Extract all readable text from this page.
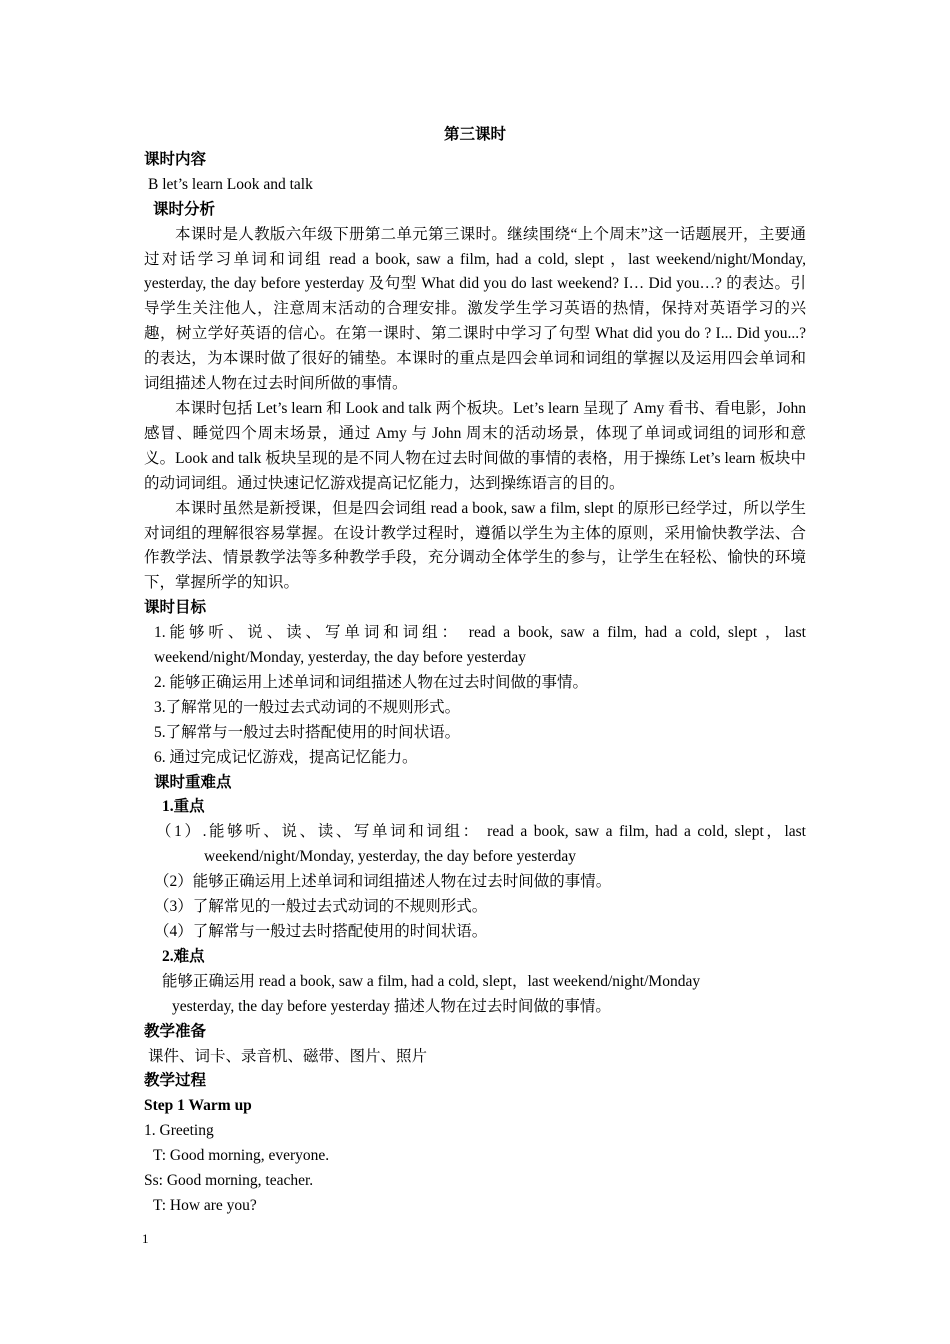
第三课时

课时内容

B let’s learn Look and talk

课时分析

本课时是人教版六年级下册第二单元第三课时。继续围绕“上个周末”这一话题展开，主要通过对话学习单词和词组 read a book, saw a film, had a cold, slept ，last weekend/night/Monday, yesterday, the day before yesterday 及句型 What did you do last weekend? I… Did you…? 的表达。引导学生关注他人，注意周末活动的合理安排。激发学生学习英语的热情，保持对英语学习的兴趣，树立学好英语的信心。在第一课时、第二课时中学习了句型 What did you do ? I... Did you...? 的表达，为本课时做了很好的铺垫。本课时的重点是四会单词和词组的掌握以及运用四会单词和词组描述人物在过去时间所做的事情。

本课时包括 Let’s learn 和 Look and talk 两个板块。Let’s learn 呈现了 Amy 看书、看电影，John 感冒、睡觉四个周末场景，通过 Amy 与 John 周末的活动场景，体现了单词或词组的词形和意义。Look and talk 板块呈现的是不同人物在过去时间做的事情的表格，用于操练 Let’s learn 板块中的动词词组。通过快速记忆游戏提高记忆能力，达到操练语言的目的。

本课时虽然是新授课，但是四会词组 read a book, saw a film, slept 的原形已经学过，所以学生对词组的理解很容易掌握。在设计教学过程时，遵循以学生为主体的原则，采用愉快教学法、合作教学法、情景教学法等多种教学手段，充分调动全体学生的参与，让学生在轻松、愉快的环境下，掌握所学的知识。

课时目标

1.能够听、说、读、写单词和词组： read a book, saw a film, had a cold, slept ，last
weekend/night/Monday, yesterday, the day before yesterday

2. 能够正确运用上述单词和词组描述人物在过去时间做的事情。

3.了解常见的一般过去式动词的不规则形式。

5.了解常与一般过去时搭配使用的时间状语。

6. 通过完成记忆游戏，提高记忆能力。

课时重难点

1.重点

（1）.能够听、说、读、写单词和词组： read a book, saw a film, had a cold, slept，last
weekend/night/Monday, yesterday, the day before yesterday

（2）能够正确运用上述单词和词组描述人物在过去时间做的事情。

（3）了解常见的一般过去式动词的不规则形式。

（4）了解常与一般过去时搭配使用的时间状语。

2.难点

能够正确运用 read a book, saw a film, had a cold, slept，last weekend/night/Monday

yesterday, the day before yesterday 描述人物在过去时间做的事情。

教学准备

课件、词卡、录音机、磁带、图片、照片

教学过程

Step 1 Warm up

1. Greeting

T: Good morning, everyone.

Ss: Good morning, teacher.

T: How are you?

1
